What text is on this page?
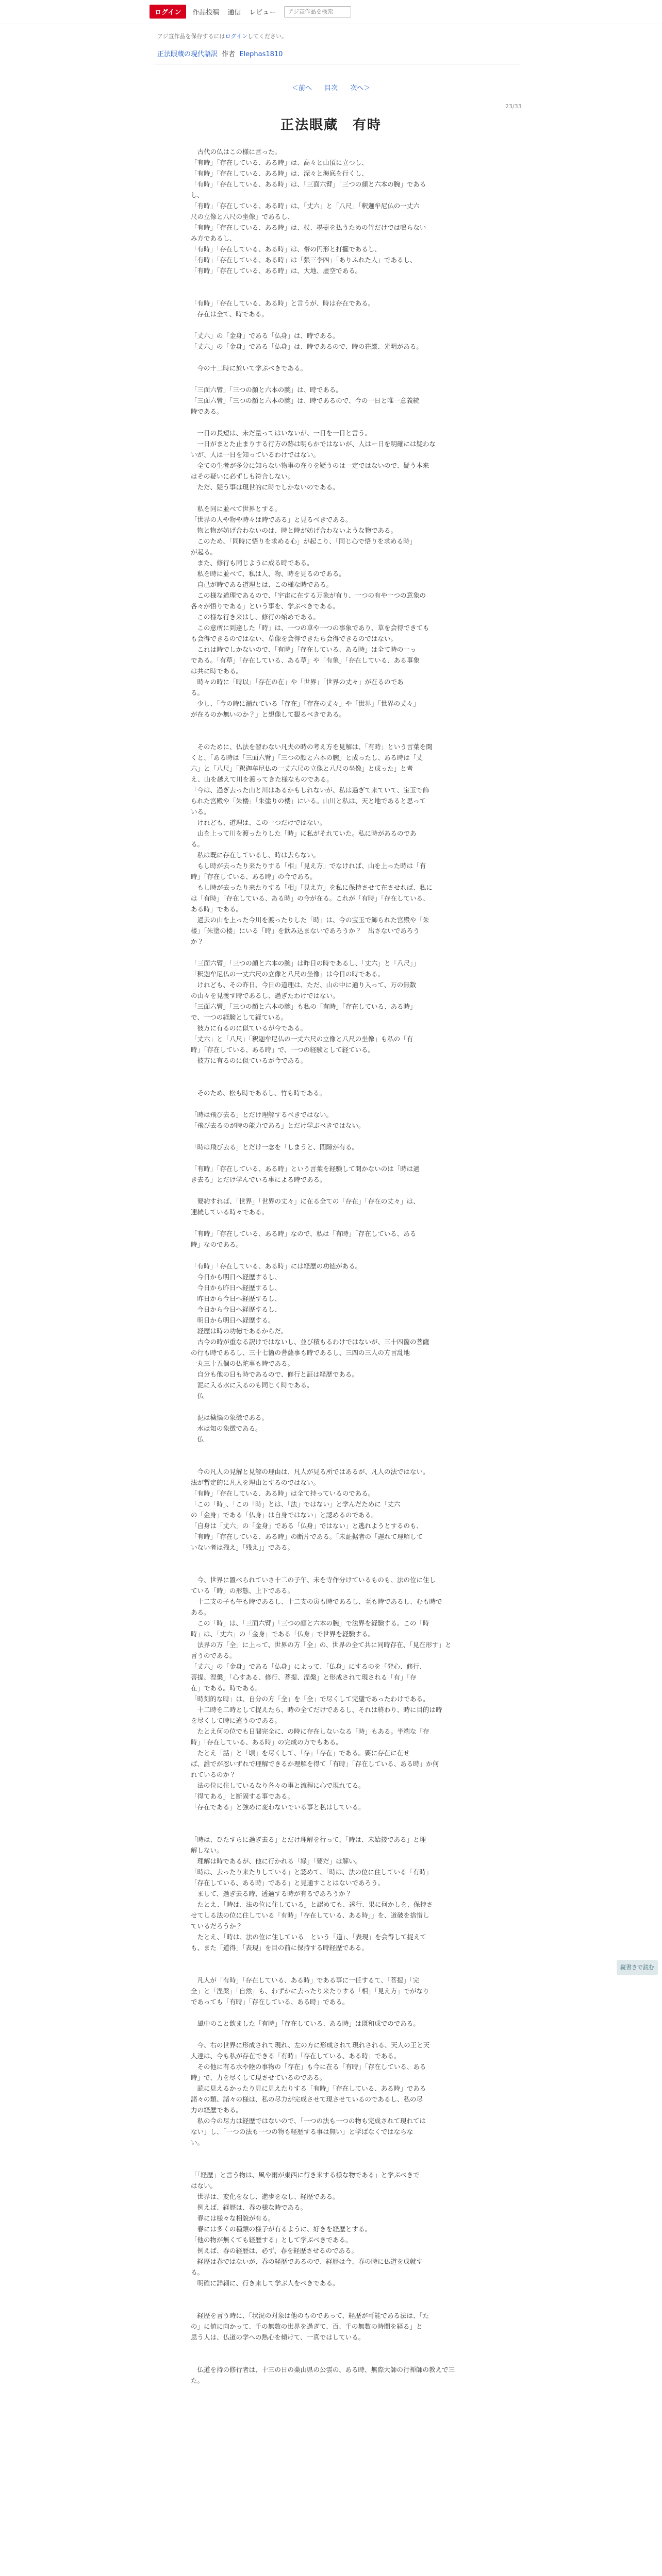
ログイン	作品投稿 通信 レビュー
アジ宣作品を検索
アジ宣作品を保存するにはログインしてください。
正法眼蔵の現代語訳 作者 Elephas1810
＜前へ 目次 次へ＞
23/33
正法眼蔵　有時

　古代の仏はこの様に言った。
「有時」「存在している、ある時」は、高々と山頂に立つし、
「有時」「存在している、ある時」は、深々と海底を行くし、
「有時」「存在している、ある時」は、「三面六臂」「三つの顔と六本の腕」である
し、
「有時」「存在している、ある時」は、「丈六」と「八尺」「釈迦牟尼仏の一丈六
尺の立像と八尺の坐像」であるし、
「有時」「存在している、ある時」は、杖、墨壺を払うための竹だけでは鳴らない
み方であるし、
「有時」「存在している、ある時」は、帯の円形と打擺であるし、
「有時」「存在している、ある時」は「張三李四」「ありふれた人」であるし、
「有時」「存在している、ある時」は、大地、虚空である。

「有時」「存在している、ある時」と言うが、時は存在である。
　存在は全て、時である。

「丈六」の「金身」である「仏身」は、時である。
「丈六」の「金身」である「仏身」は、時であるので、時の荘厳、光明がある。

　今の十二時に於いて学ぶべきである。

「三面六臂」「三つの顔と六本の腕」は、時である。
「三面六臂」「三つの顔と六本の腕」は、時であるので、今の一日と唯一意義統
時である。

　一日の長短は、未だ量ってはいないが、一日を一日と言う。
　一日がまとた止まりする行方の跡は明らかではないが、人はー日を明確には疑わな
いが、人は一日を知っているわけではない。
　全ての生者が多分に知らない物事の在りを疑うのは一定ではないので、疑う本来
はその疑いに必ずしも符合しない。
　ただ、疑う事は現世的に時でしかないのである。

　私を同に並べて世界とする。
「世界の人や物や時々は時である」と見るべきである。
　物と物が妨げ合わないのは、時と時が妨げ合わないような物である。
　このため、「同時に悟りを求める心」が起こり、「同じ心で悟りを求める時」
が起る。
　また、修行も同じように成る時である。
　私を時に並べて、私は人、物、時を見るのである。
　自己が時である道理とは、この様な時である。
　この様な道理であるので、「宇宙に在する万象が有り、一つの有や一つの意象の
各々が悟りである」という事を、学ぶべきである。
　この様な行き来はし、修行の始めである。
　この意所に到達した「時」は、一つの草や一つの事象であり、草を会得できても
も会得できるのではない、草像を会得できたら会得できるのではない。
　これは時でしかないので、「有時」「存在している、ある時」は全て時の一っ
である。「有草」「存在している、ある草」や「有象」「存在している、ある事象
は共に時である。
　時々の時に「時以」「存在の在」や「世界」「世界の丈々」が在るのであ
る。
　少し、「今の時に漏れている「存在」「存在の丈々」や「世界」「世界の丈々」
が在るのか無いのか？」と想像して観るべきである。

　そのために、仏法を習わない凡夫の時の考え方を見解は、「有時」という言葉を聞
くと、「ある時は「三面六臂」「三つの顔と六本の腕」と成ったし、ある時は「丈
六」と「八尺」「釈迦牟尼仏の一丈六尺の立像と八尺の坐像」と成った」と考
え、山を越えて川を渡ってきた様なものである。
「今は、過ぎ去った山と川はあるかもしれないが、私は過ぎて来ていて、宝玉で飾
られた宮殿や「朱楼」「朱塗りの楼」にいる。山川と私は、天と地であると思って
いる。
　けれども、道理は、この一つだけではない。
　山を上って川を渡ったりした「時」に私がそれていた。私に時があるのであ
る。
　私は既に存在しているし、時は去らない。
　もし時が去ったり来たりする「相」「見え方」でなければ、山を上った時は「有
時」「存在している、ある時」の今である。
　もし時が去ったり来たりする「相」「見え方」を私に保持させて在させれば、私に
は「有時」「存在している、ある時」の今が在る。これが「有時」「存在している、
ある時」である。
　過去の山を上った今川を渡ったりした「時」は、今の宝玉で飾られた宮殿や「朱
楼」「朱塗の楼」にいる「時」を飲み込まないであろうか？　出さないであろう
か？

「三面六臂」「三つの顔と六本の腕」は昨日の時であるし、「丈六」と「八尺」」
「釈迦牟尼仏の一丈六尺の立像と八尺の坐像」は今日の時である。
　けれども、その昨日、今日の道理は、ただ、山の中に通り入って、万の無数
の山々を見渡す時であるし、過ぎたわけではない。
「三面六臂」「三つの顔と六本の腕」も私の「有時」「存在している、ある時」
で、一つの経験として経ている。
　彼方に有るのに似ているが今である。
「丈六」と「八尺」「釈迦牟尼仏の一丈六尺の立像と八尺の坐像」も私の「有
時」「存在している、ある時」で、一つの経験として経ている。
　彼方に有るのに似ているが今である。

　そのため、松も時であるし、竹も時である。

「時は飛び去る」とだけ理解するべきではない。
「飛び去るのが時の能力である」とだけ学ぶべきではない。

「時は飛び去る」とだけ一念を「しまうと、間隙が有る。

「有時」「存在している、ある時」という言葉を経験して聞かないのは「時は過
き去る」とだけ学んでいる事による時である。

　要約すれば、「世界」「世界の丈々」に在る全ての「存在」「存在の丈々」は、
連続している時々である。

「有時」「存在している、ある時」なので、私は「有時」「存在している、ある
時」なのである。

「有時」「存在している、ある時」には経歴の功徳がある。
　今日から明日へ経歴するし、
　今日から昨日へ経歴するし、
　昨日から今日へ経歴するし、
　今日から今日へ経歴するし、
　明日から明日へ経歴する。
　経歴は時の功徳であるからだ。
　古今の時が重なる訳けではないし、並び積もるわけではないが、三十四箇の菩薩
の行も時であるし、三十七箇の菩薩事も時であるし、三四の三人の方言乱地
一丸三十五個の仏陀事も時である。
　自分も他の日も時であるので、修行と証は経歴である。
　泥に入る水に入るのも同じく時である。
　仏

　泥は穢悩の象徴である。
　水は知の象徴である。
　仏

　今の凡人の見解と見解の理由は、凡人が見る所ではあるが、凡人の法ではない。
法が暫定的に凡人を理由とするのではない。
「有時」「存在している、ある時」は全て持っているのである。
「この「時」、「この「時」とは、「法」ではない」と学んだために「丈六
の「金身」である「仏身」は自身ではない」と認めるのである。
「自身は「丈六」の「金身」である「仏身」ではない」と逃れようとするのも、
「有時」「存在している、ある時」の断片である。「未証据者の「遅れて理解して
いない者は残え」「残え」」である。

　今、世界に置べられていさ十二の子午、未を寺作分けているものも、法の位に住し
ている「時」の形態、上下である。
　十二支の子も午も時であるし、十二支の寅も時であるし、至も時であるし、むも時で
ある。
　この「時」は、「三面六臂」「三つの顔と六本の腕」で法界を経験する。この「時
時」は、「丈六」の「金身」である「仏身」で世界を経験する。
　法界の方「全」に上って、世界の方「全」の、世界の全て共に同時存在、「見在形す」と
言うのである。
「丈六」の「金身」である「仏身」によって、「仏身」にするのを「発心、修行、
菩提、涅槃」「心すある、修行、菩提、涅槃」と形成されて現される「有」「存
在」である。時である。
「時刻的な時」は、自分の方「全」を「全」で尽くして完璧であったわけである。
　十二時を二時として捉えたら、時の全てだけであるし、それは終わり、時に目的は時
を尽くして時に違うのである。
　たとえ何の位でも日間完全に、の時に存在しないなる「時」もある。半端な「存
時」「存在している、ある時」の完成の方でもある。
　たとえ「話」と「頃」を尽くして、「存」「存在」である。要に存在に在せ
ば、誰でが忍いずれで理解できるか理解を得て「有時」「存在している、ある時」か何
れているのか？
　法の位に住しているなり各々の事と流程に心で現れてる。
「得てある」と断固する事である。
「存在である」と強めに変わないでいる事と私はしている。

「時は、ひたすらに過ぎ去る」とだけ理解を行って、「時は、未始接である」と理
解しない。
　理解は時であるが、他に行かれる「縁」「要だ」は解い。
「時は、去ったり来たりしている」と認めて、「時は、法の位に住している「有時」
「存在している、ある時」である」と見通すことはないであろう。
　まして、過ぎ去る時、透過する時が有るであろうか？
　たとえ、「時は、法の位に住している」と認めても、透行、果に何かしを、保持さ
せてしる法の位に住している「有時」「存在している、ある時」」を、道破を捨惜し
ているだろうか？
　たとえ、「時は、法の位に住している」という「道」、「表現」を会得して捉えて
も、また「道得」「表現」を目の前に保持する時経歴である。

　凡人が「有時」「存在している、ある時」である事に一任するて、「菩提」「完
全」と「涅槃」「自然」も、わずかに去ったり来たりする「相」「見え方」でがなり
であっても「有時」「存在している、ある時」である。

　風中のこと飲ました「有時」「存在している、ある時」は既和成でのである。

　今、右の世界に形成されて現れ、左の方に形成されて現れされる、天人の王と天
人達は、今も私が存在できる「有時」「存在している、ある時」である。
　その他に有る水や陸の事物の「存在」も今に在る「有時」「存在している、ある
時」で、力を尽くして現させているのである。
　読に見えるかったり見に見えたりする「有時」「存在している、ある時」である
諸々の類、諸々の様は、私の尽力が完成させて現させているのであるし、私の尽
力の経歴である。
　私の今の尽力は経歴ではないので、「一つの法も一つの物も完成されて現れては
ない」し、「一つの法も一つの物も経歴する事は無い」と学ばなくではならな
い。

「「経歴」と言う物は、風や雨が東西に行き来する様な物である」と学ぶべきで
はない。
　世界は、変化をなし、進歩をなし、経歴である。
　例えば、経歴は、春の様な時である。
　春には様々な相貌が有る。
　春には多くの種類の様子が有るように、好きを経歴とする。
「他の物が無くても経歴する」として学ぶべきである。
　例えば、春の経歴は、必ず、春を経歴させるのである。
　経歴は春ではないが、春の経歴であるので、経歴は今、春の時に仏道を成就す
る。
　明確に詳細に、行き来して学ぶ人をべきである。

　経歴を言う時に、「状況の対象は他のものであって、経歴が可能である法は、「た
の」に値に向かって、千の無数の世界を過ぎて、百、千の無数の時間を経る」と
思う人は、仏道の学への熱心を傾けて、一真ではしている。

　仏道を持の修行者は、十三の日の薬山県の公雲の、ある時、無際大師の行禅師の教えで三
た。

縦書きで読む
